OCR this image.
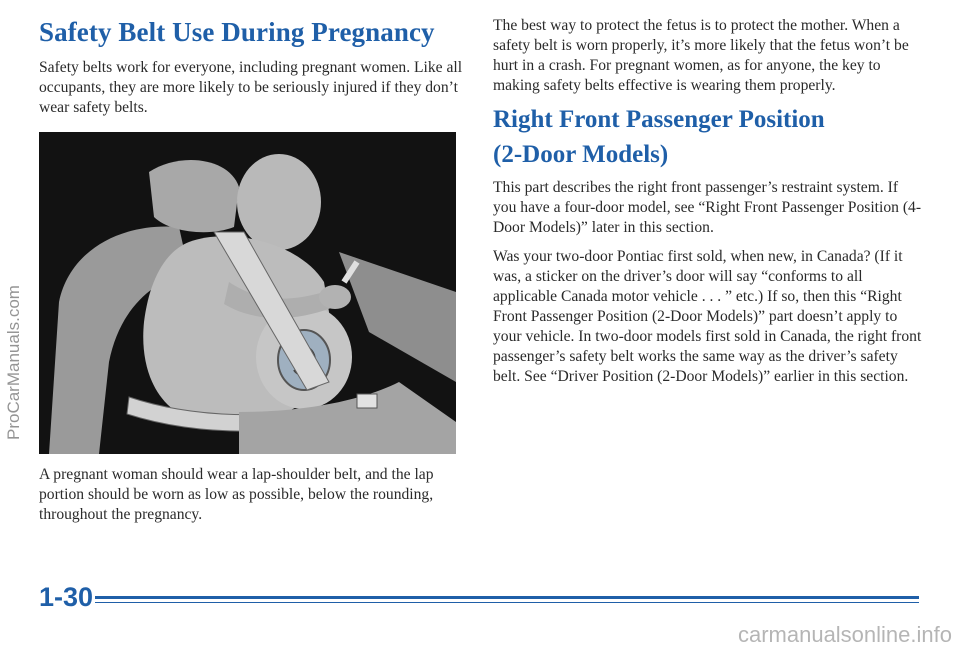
Safety Belt Use During Pregnancy

Safety belts work for everyone, including pregnant women. Like all occupants, they are more likely to be seriously injured if they don’t wear safety belts.

A pregnant woman should wear a lap-shoulder belt, and the lap portion should be worn as low as possible, below the rounding, throughout the pregnancy.

The best way to protect the fetus is to protect the mother. When a safety belt is worn properly, it’s more likely that the fetus won’t be hurt in a crash. For pregnant women, as for anyone, the key to making safety belts effective is wearing them properly.

Right Front Passenger Position
(2-Door Models)

This part describes the right front passenger’s restraint system. If you have a four-door model, see “Right Front Passenger Position (4-Door Models)” later in this section.

Was your two-door Pontiac first sold, when new, in Canada? (If it was, a sticker on the driver’s door will say “conforms to all applicable Canada motor vehicle . . . ” etc.) If so, then this “Right Front Passenger Position (2-Door Models)” part doesn’t apply to your vehicle. In two-door models first sold in Canada, the right front passenger’s safety belt works the same way as the driver’s safety belt. See “Driver Position (2-Door Models)” earlier in this section.

1-30
ProCarManuals.com
carmanualsonline.info
